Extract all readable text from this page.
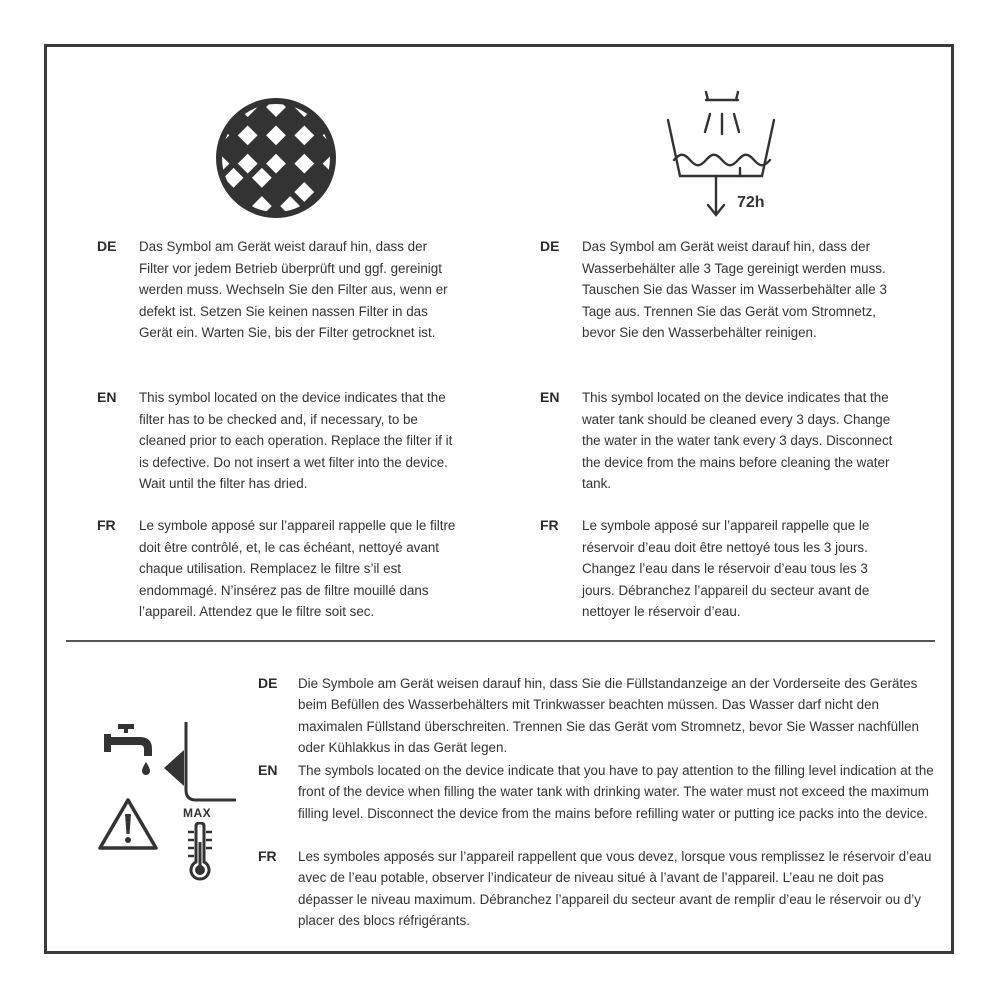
72h
DE Das Symbol am Gerät weist darauf hin, dass der Filter vor jedem Betrieb überprüft und ggf. gereinigt werden muss. Wechseln Sie den Filter aus, wenn er defekt ist. Setzen Sie keinen nassen Filter in das Gerät ein. Warten Sie, bis der Filter getrocknet ist.
EN This symbol located on the device indicates that the filter has to be checked and, if necessary, to be cleaned prior to each operation. Replace the filter if it is defective. Do not insert a wet filter into the device. Wait until the filter has dried.
FR Le symbole apposé sur l’appareil rappelle que le filtre doit être contrôlé, et, le cas échéant, nettoyé avant chaque utilisation. Remplacez le filtre s’il est endommagé. N’insérez pas de filtre mouillé dans l’appareil. Attendez que le filtre soit sec.
DE Das Symbol am Gerät weist darauf hin, dass der Wasserbehälter alle 3 Tage gereinigt werden muss. Tauschen Sie das Wasser im Wasserbehälter alle 3 Tage aus. Trennen Sie das Gerät vom Stromnetz, bevor Sie den Wasserbehälter reinigen.
EN This symbol located on the device indicates that the water tank should be cleaned every 3 days. Change the water in the water tank every 3 days. Disconnect the device from the mains before cleaning the water tank.
FR Le symbole apposé sur l’appareil rappelle que le réservoir d’eau doit être nettoyé tous les 3 jours. Changez l’eau dans le réservoir d’eau tous les 3 jours. Débranchez l’appareil du secteur avant de nettoyer le réservoir d’eau.
MAX
DE Die Symbole am Gerät weisen darauf hin, dass Sie die Füllstandanzeige an der Vorderseite des Gerätes beim Befüllen des Wasserbehälters mit Trinkwasser beachten müssen. Das Wasser darf nicht den maximalen Füllstand überschreiten. Trennen Sie das Gerät vom Stromnetz, bevor Sie Wasser nachfüllen oder Kühlakkus in das Gerät legen.
EN The symbols located on the device indicate that you have to pay attention to the filling level indication at the front of the device when filling the water tank with drinking water. The water must not exceed the maximum filling level. Disconnect the device from the mains before refilling water or putting ice packs into the device.
FR Les symboles apposés sur l’appareil rappellent que vous devez, lorsque vous remplissez le réservoir d’eau avec de l’eau potable, observer l’indicateur de niveau situé à l’avant de l’appareil. L’eau ne doit pas dépasser le niveau maximum. Débranchez l’appareil du secteur avant de remplir d’eau le réservoir ou d’y placer des blocs réfrigérants.
